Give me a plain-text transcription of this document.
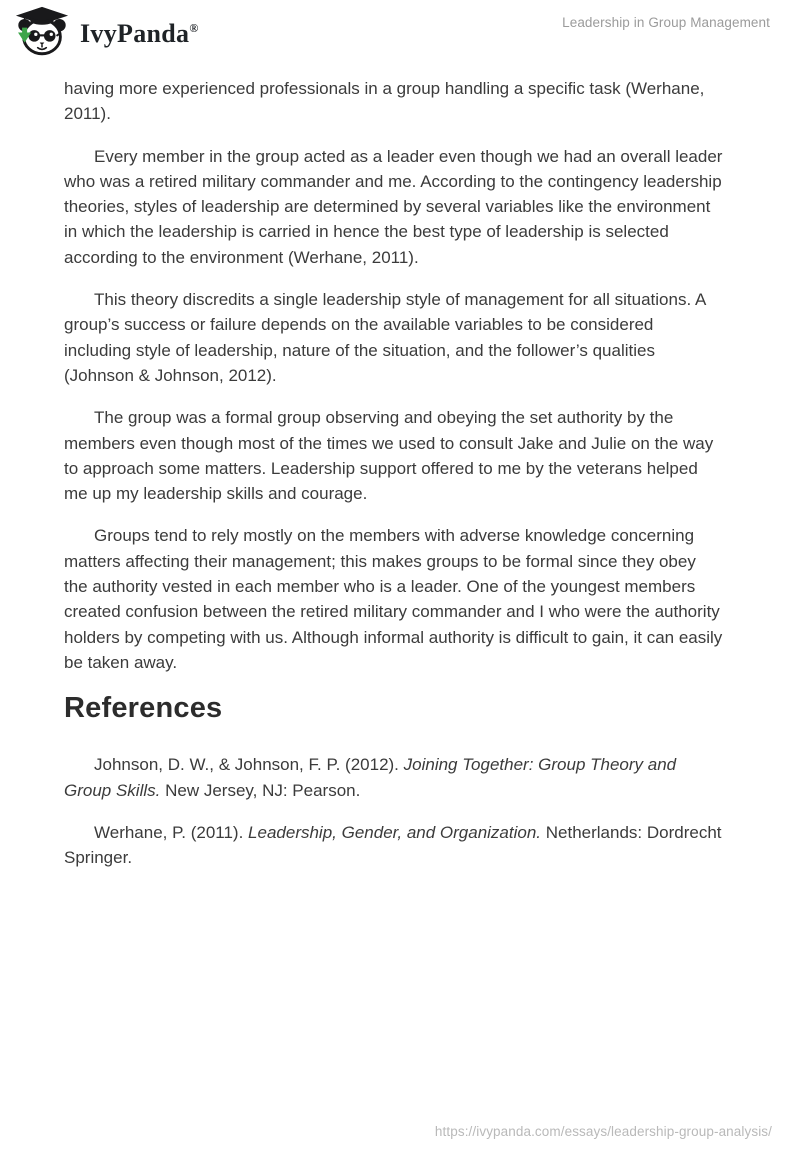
IvyPanda®	Leadership in Group Management

having more experienced professionals in a group handling a specific task (Werhane, 2011).

Every member in the group acted as a leader even though we had an overall leader who was a retired military commander and me. According to the contingency leadership theories, styles of leadership are determined by several variables like the environment in which the leadership is carried in hence the best type of leadership is selected according to the environment (Werhane, 2011).

This theory discredits a single leadership style of management for all situations. A group’s success or failure depends on the available variables to be considered including style of leadership, nature of the situation, and the follower’s qualities (Johnson & Johnson, 2012).

The group was a formal group observing and obeying the set authority by the members even though most of the times we used to consult Jake and Julie on the way to approach some matters. Leadership support offered to me by the veterans helped me up my leadership skills and courage.

Groups tend to rely mostly on the members with adverse knowledge concerning matters affecting their management; this makes groups to be formal since they obey the authority vested in each member who is a leader. One of the youngest members created confusion between the retired military commander and I who were the authority holders by competing with us. Although informal authority is difficult to gain, it can easily be taken away.

References

Johnson, D. W., & Johnson, F. P. (2012). Joining Together: Group Theory and Group Skills. New Jersey, NJ: Pearson.

Werhane, P. (2011). Leadership, Gender, and Organization. Netherlands: Dordrecht Springer.

https://ivypanda.com/essays/leadership-group-analysis/
